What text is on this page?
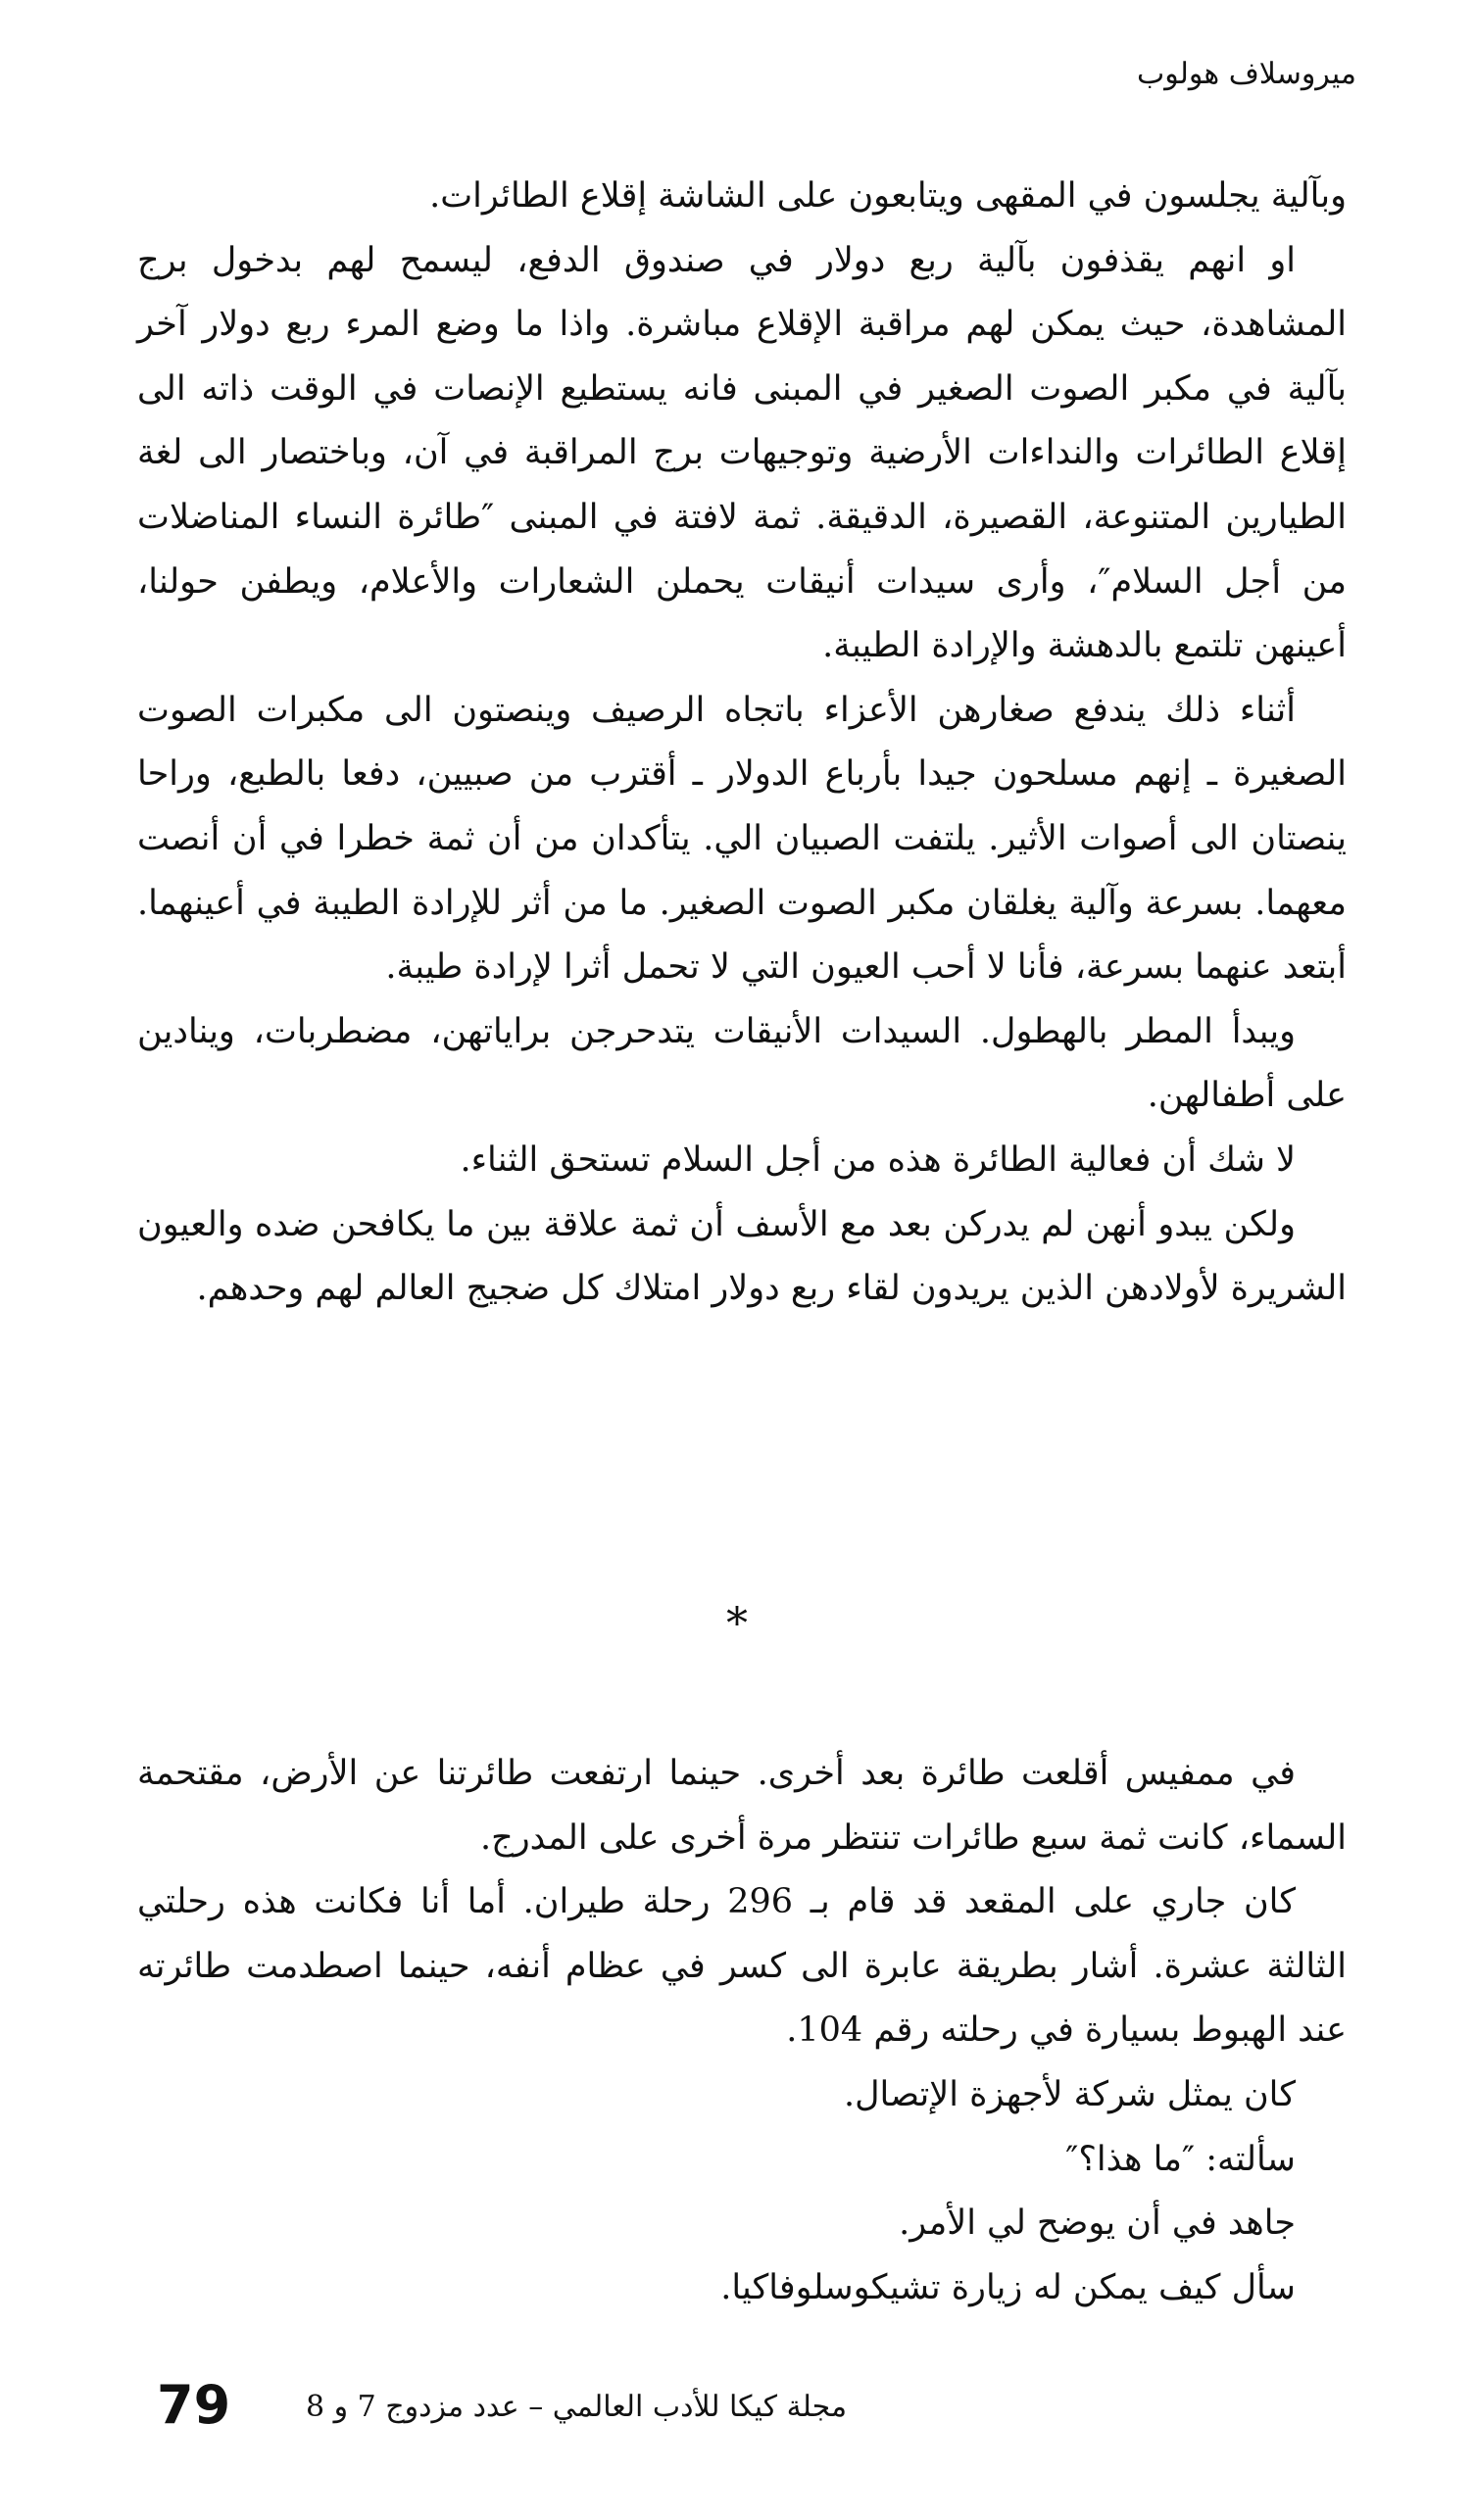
ميروسلاف هولوب

وبآلية يجلسون في المقهى ويتابعون على الشاشة إقلاع الطائرات.

او انهم يقذفون بآلية ربع دولار في صندوق الدفع، ليسمح لهم بدخول برج المشاهدة، حيث يمكن لهم مراقبة الإقلاع مباشرة. واذا ما وضع المرء ربع دولار آخر بآلية في مكبر الصوت الصغير في المبنى فانه يستطيع الإنصات في الوقت ذاته الى إقلاع الطائرات والنداءات الأرضية وتوجيهات برج المراقبة في آن، وباختصار الى لغة الطيارين المتنوعة، القصيرة، الدقيقة. ثمة لافتة في المبنى ″طائرة النساء المناضلات من أجل السلام″، وأرى سيدات أنيقات يحملن الشعارات والأعلام، ويطفن حولنا، أعينهن تلتمع بالدهشة والإرادة الطيبة.

أثناء ذلك يندفع صغارهن الأعزاء باتجاه الرصيف وينصتون الى مكبرات الصوت الصغيرة ـ إنهم مسلحون جيدا بأرباع الدولار ـ أقترب من صبيين، دفعا بالطبع، وراحا ينصتان الى أصوات الأثير. يلتفت الصبيان الي. يتأكدان من أن ثمة خطرا في أن أنصت معهما. بسرعة وآلية يغلقان مكبر الصوت الصغير. ما من أثر للإرادة الطيبة في أعينهما. أبتعد عنهما بسرعة، فأنا لا أحب العيون التي لا تحمل أثرا لإرادة طيبة.

ويبدأ المطر بالهطول. السيدات الأنيقات يتدحرجن براياتهن، مضطربات، وينادين على أطفالهن.

لا شك أن فعالية الطائرة هذه من أجل السلام تستحق الثناء.

ولكن يبدو أنهن لم يدركن بعد مع الأسف أن ثمة علاقة بين ما يكافحن ضده والعيون الشريرة لأولادهن الذين يريدون لقاء ربع دولار امتلاك كل ضجيج العالم لهم وحدهم.

*

في ممفيس أقلعت طائرة بعد أخرى. حينما ارتفعت طائرتنا عن الأرض، مقتحمة السماء، كانت ثمة سبع طائرات تنتظر مرة أخرى على المدرج.

كان جاري على المقعد قد قام بـ 296 رحلة طيران. أما أنا فكانت هذه رحلتي الثالثة عشرة. أشار بطريقة عابرة الى كسر في عظام أنفه، حينما اصطدمت طائرته عند الهبوط بسيارة في رحلته رقم 104.

كان يمثل شركة لأجهزة الإتصال.

سألته: ″ما هذا؟″

جاهد في أن يوضح لي الأمر.

سأل كيف يمكن له زيارة تشيكوسلوفاكيا.

79	مجلة كيكا للأدب العالمي – عدد مزدوج 7 و 8
